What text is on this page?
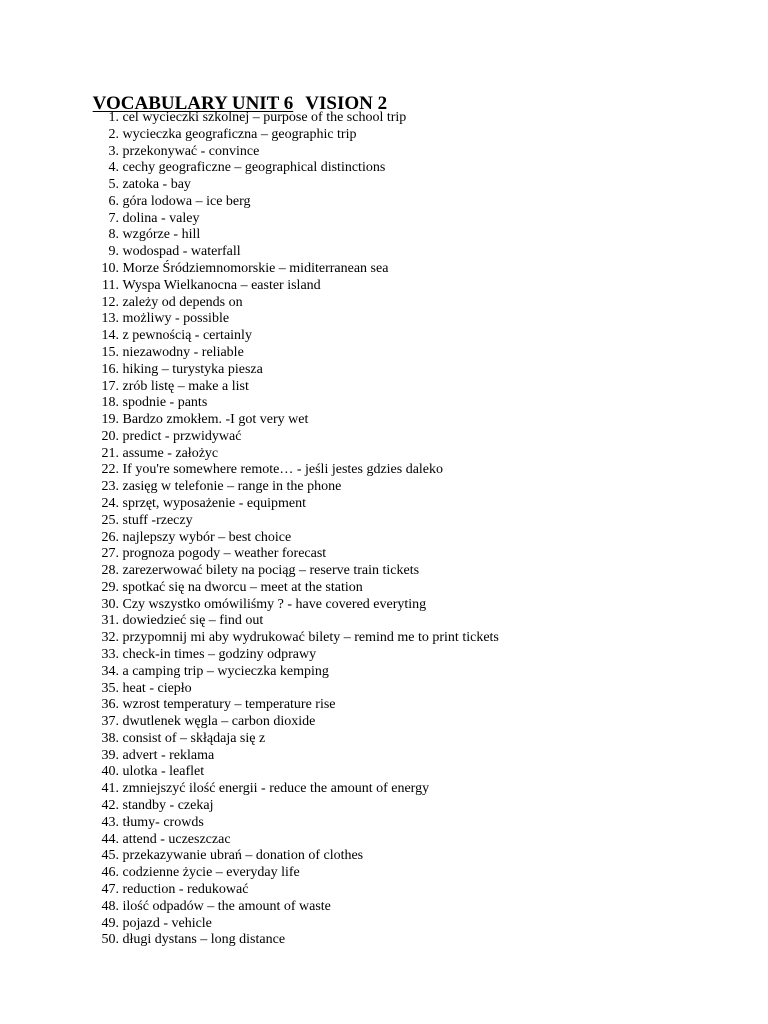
VOCABULARY UNIT 6 VISION 2

1.
cel wycieczki szkolnej – purpose of the school trip
2.
wycieczka geograficzna – geographic trip
3.
przekonywać - convince
4.
cechy geograficzne – geographical distinctions
5.
zatoka - bay
6.
góra lodowa – ice berg
7.
dolina - valey
8.
wzgórze - hill
9.
wodospad - waterfall
10.
Morze Śródziemnomorskie – miditerranean sea
11.
Wyspa Wielkanocna – easter island
12.
zależy od depends on
13.
możliwy - possible
14.
z pewnością - certainly
15.
niezawodny - reliable
16.
hiking – turystyka piesza
17.
zrób listę – make a list
18.
spodnie - pants
19.
Bardzo zmokłem. -I got very wet
20.
predict - przwidywać
21.
assume - założyc
22.
If you're somewhere remote… - jeśli jestes gdzies daleko
23.
zasięg w telefonie – range in the phone
24.
sprzęt, wyposażenie - equipment
25.
stuff -rzeczy
26.
najlepszy wybór – best choice
27.
prognoza pogody – weather forecast
28.
zarezerwować bilety na pociąg – reserve train tickets
29.
spotkać się na dworcu – meet at the station
30.
Czy wszystko omówiliśmy ? - have covered everyting
31.
dowiedzieć się – find out
32.
przypomnij mi aby wydrukować bilety – remind me to print tickets
33.
check-in times – godziny odprawy
34.
a camping trip – wycieczka kemping
35.
heat - ciepło
36.
wzrost temperatury – temperature rise
37.
dwutlenek węgla – carbon dioxide
38.
consist of – skłądaja się z
39.
advert - reklama
40.
ulotka - leaflet
41.
zmniejszyć ilość energii - reduce the amount of energy
42.
standby - czekaj
43.
tłumy- crowds
44.
attend - uczeszczac
45.
przekazywanie ubrań – donation of clothes
46.
codzienne życie – everyday life
47.
reduction - redukować
48.
ilość odpadów – the amount of waste
49.
pojazd - vehicle
50.
długi dystans – long distance
